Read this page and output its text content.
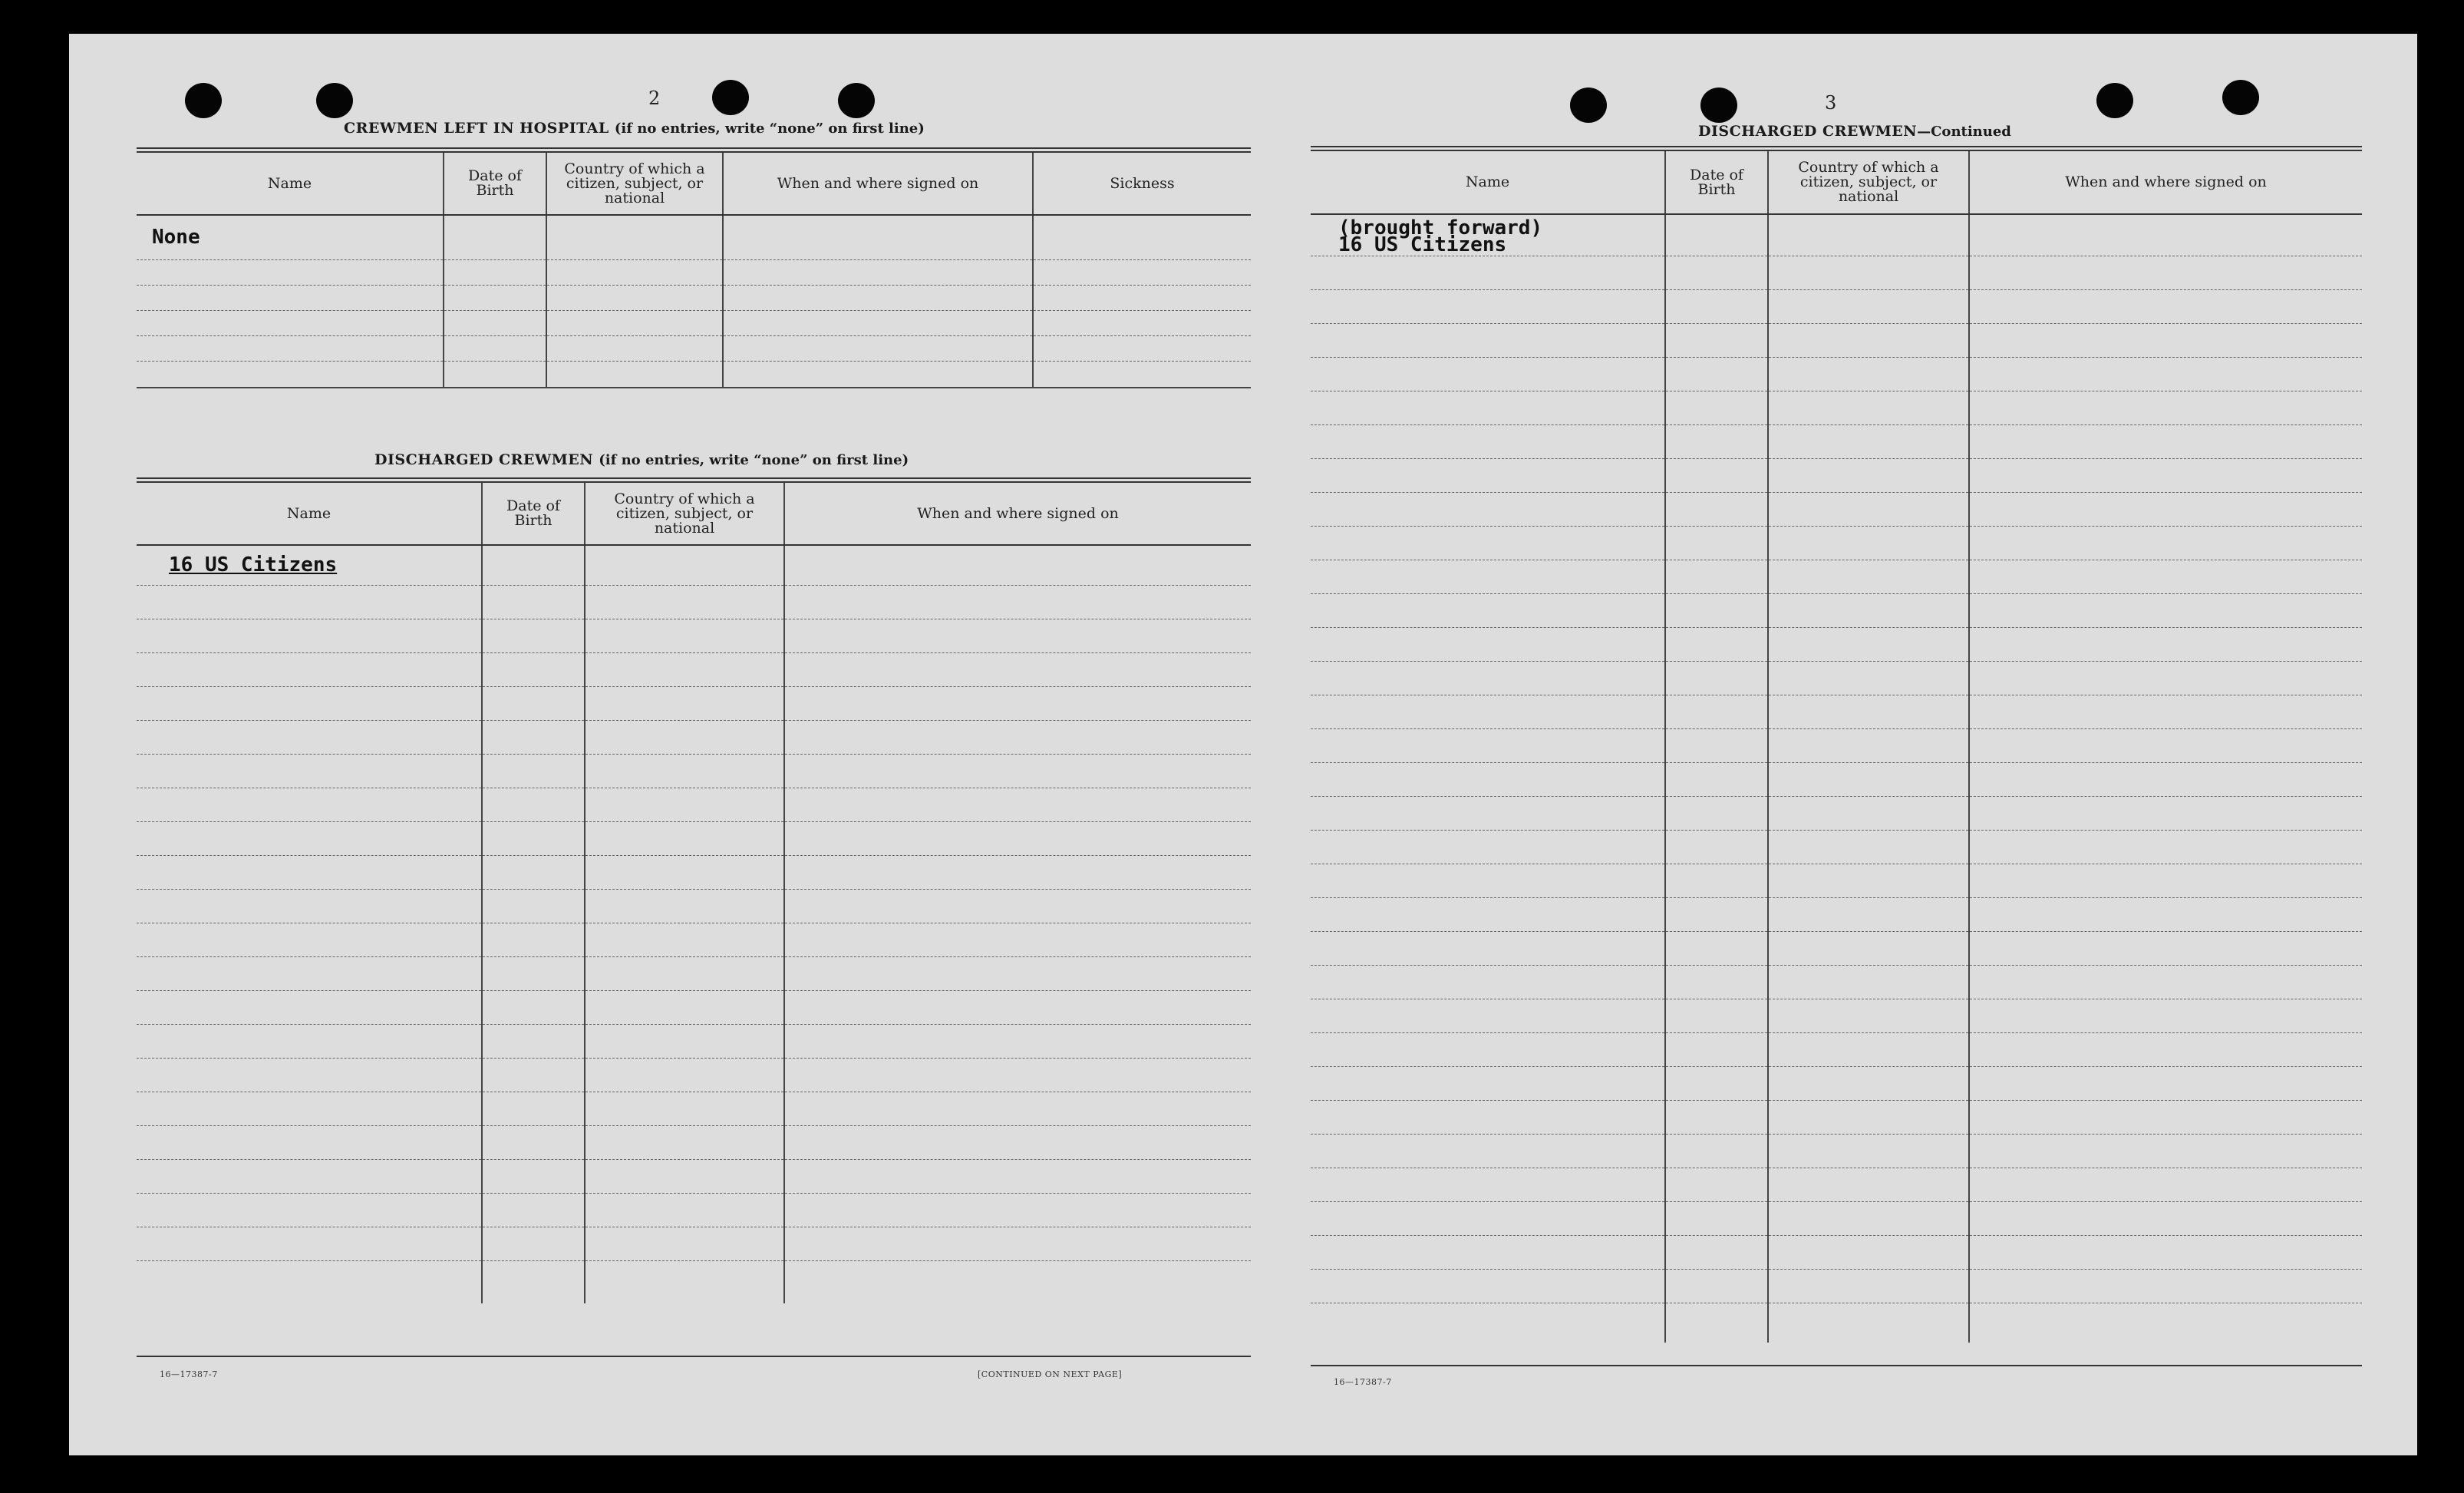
2
CREWMEN LEFT IN HOSPITAL (if no entries, write “none” on first line)
Name	Date of Birth	Country of which a citizen, subject, or national	When and where signed on	Sickness
None				

DISCHARGED CREWMEN (if no entries, write “none” on first line)
Name	Date of Birth	Country of which a citizen, subject, or national	When and where signed on
16 US Citizens			

16—17387-7	[CONTINUED ON NEXT PAGE]
3
DISCHARGED CREWMEN—Continued
Name	Date of Birth	Country of which a citizen, subject, or national	When and where signed on

(brought forward)
16 US Citizens			

16—17387-7
